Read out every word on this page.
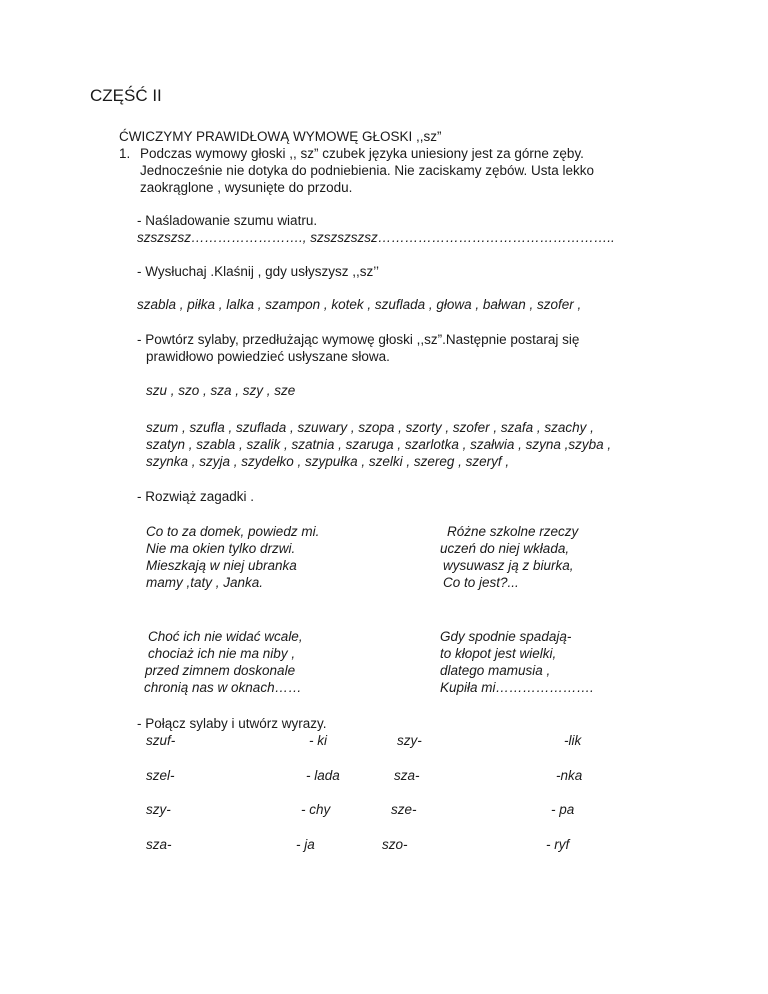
CZĘŚĆ II
ĆWICZYMY PRAWIDŁOWĄ WYMOWĘ GŁOSKI ,,sz”
1. Podczas wymowy głoski ,, sz” czubek języka uniesiony jest za górne zęby.
Jednocześnie nie dotyka do podniebienia. Nie zaciskamy zębów. Usta lekko
zaokrąglone , wysunięte do przodu.
- Naśladowanie szumu wiatru.
szszszsz……………………., szszszszsz……………………………………………..
- Wysłuchaj .Klaśnij , gdy usłyszysz ,,sz’’
szabla , piłka , lalka , szampon , kotek , szuflada , głowa , bałwan , szofer ,
- Powtórz sylaby, przedłużając wymowę głoski ,,sz”.Następnie postaraj się
prawidłowo powiedzieć usłyszane słowa.
szu , szo , sza , szy , sze
szum , szufla , szuflada , szuwary , szopa , szorty , szofer , szafa , szachy ,
szatyn , szabla , szalik , szatnia , szaruga , szarlotka , szałwia , szyna ,szyba ,
szynka , szyja , szydełko , szypułka , szelki , szereg , szeryf ,
- Rozwiąż zagadki .
Co to za domek, powiedz mi.
Nie ma okien tylko drzwi.
Mieszkają w niej ubranka
mamy ,taty , Janka.
Różne szkolne rzeczy
uczeń do niej wkłada,
wysuwasz ją z biurka,
Co to jest?...
Choć ich nie widać wcale,
chociaż ich nie ma niby ,
przed zimnem doskonale
chronią nas w oknach……
Gdy spodnie spadają-
to kłopot jest wielki,
dlatego mamusia ,
Kupiła mi………………….
- Połącz sylaby i utwórz wyrazy.
szuf-	- ki	szy-	-lik
szel-	- lada	sza-	-nka
szy-	- chy	sze-	- pa
sza-	- ja	szo-	- ryf
